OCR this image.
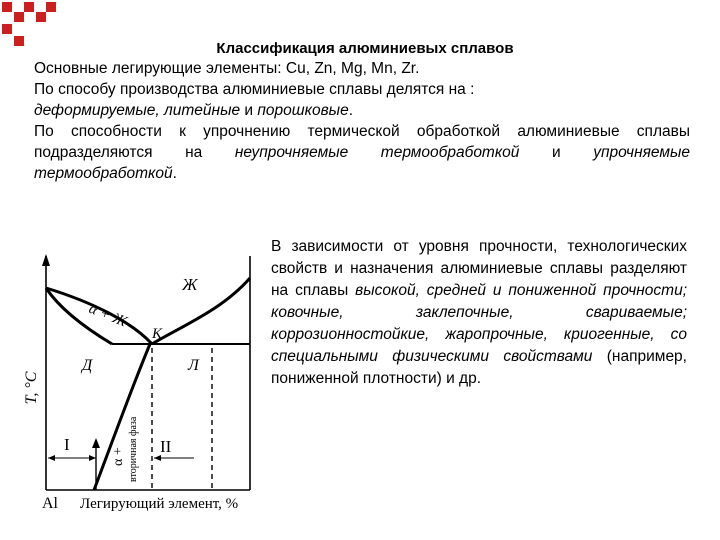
Классификация алюминиевых сплавов
Основные легирующие элементы: Cu, Zn, Mg, Mn, Zr.
По способу производства алюминиевые сплавы делятся на :
деформируемые, литейные и порошковые.
По способности к упрочнению термической обработкой алюминиевые сплавы подразделяются на неупрочняемые термообработкой и упрочняемые термообработкой.
В зависимости от уровня прочности, технологических свойств и назначения алюминиевые сплавы разделяют на сплавы высокой, средней и пониженной прочности; ковочные, заклепочные, свариваемые; коррозионностойкие, жаропрочные, криогенные, со специальными физическими свойствами (например, пониженной плотности) и др.
Ж
α + Ж
К
Д	Л
I	II
α + вторичная фаза
T, °C
Al Легирующий элемент, %
